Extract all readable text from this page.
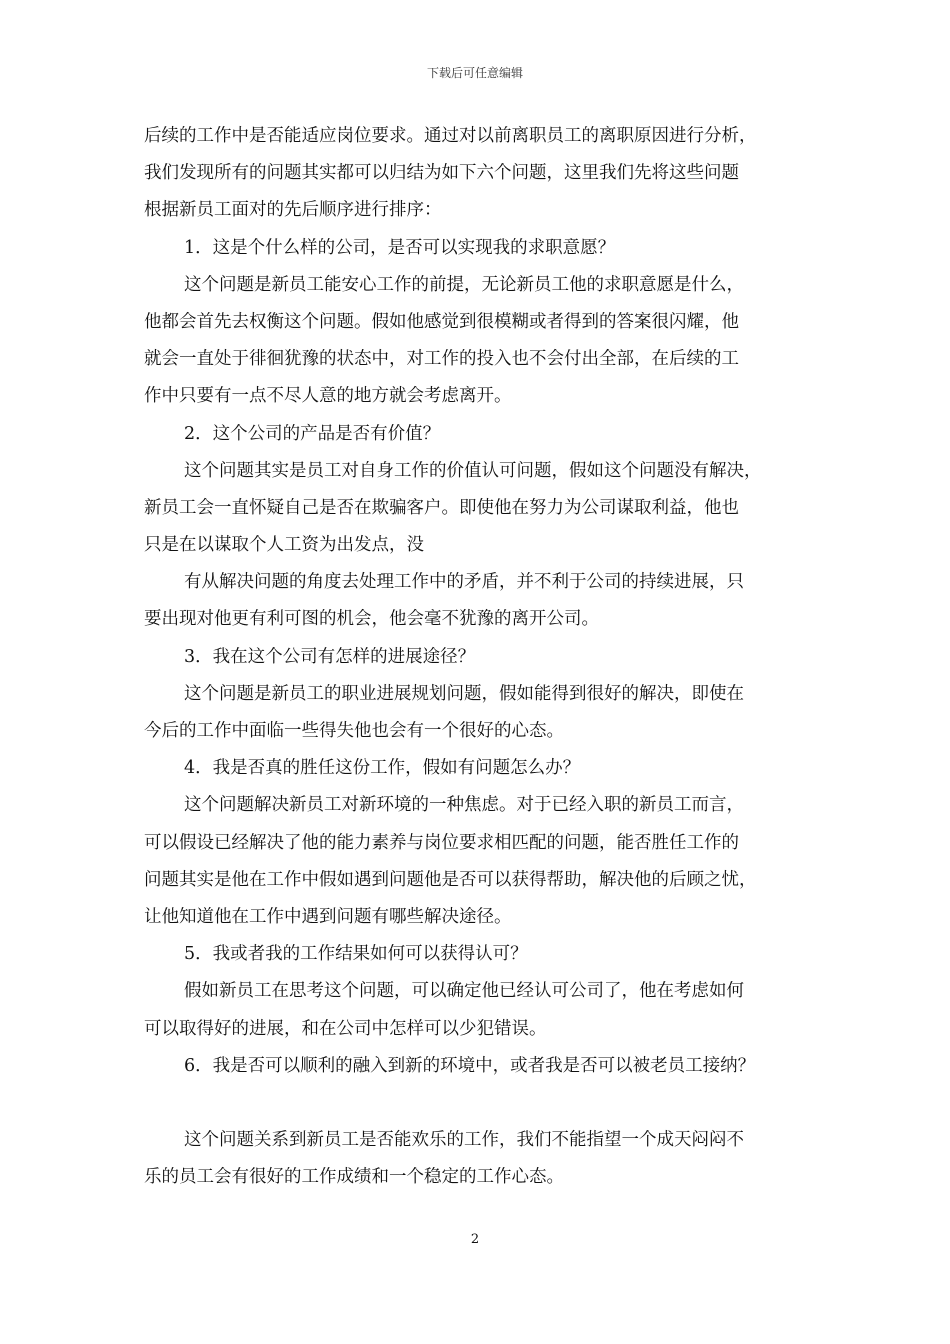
下载后可任意编辑
后续的工作中是否能适应岗位要求。通过对以前离职员工的离职原因进行分析，
我们发现所有的问题其实都可以归结为如下六个问题，这里我们先将这些问题
根据新员工面对的先后顺序进行排序：
1．这是个什么样的公司，是否可以实现我的求职意愿？
这个问题是新员工能安心工作的前提，无论新员工他的求职意愿是什么，
他都会首先去权衡这个问题。假如他感觉到很模糊或者得到的答案很闪耀，他
就会一直处于徘徊犹豫的状态中，对工作的投入也不会付出全部，在后续的工
作中只要有一点不尽人意的地方就会考虑离开。
2．这个公司的产品是否有价值？
这个问题其实是员工对自身工作的价值认可问题，假如这个问题没有解决，
新员工会一直怀疑自己是否在欺骗客户。即使他在努力为公司谋取利益，他也
只是在以谋取个人工资为出发点，没
有从解决问题的角度去处理工作中的矛盾，并不利于公司的持续进展，只
要出现对他更有利可图的机会，他会毫不犹豫的离开公司。
3．我在这个公司有怎样的进展途径？
这个问题是新员工的职业进展规划问题，假如能得到很好的解决，即使在
今后的工作中面临一些得失他也会有一个很好的心态。
4．我是否真的胜任这份工作，假如有问题怎么办？
这个问题解决新员工对新环境的一种焦虑。对于已经入职的新员工而言，
可以假设已经解决了他的能力素养与岗位要求相匹配的问题，能否胜任工作的
问题其实是他在工作中假如遇到问题他是否可以获得帮助，解决他的后顾之忧，
让他知道他在工作中遇到问题有哪些解决途径。
5．我或者我的工作结果如何可以获得认可？
假如新员工在思考这个问题，可以确定他已经认可公司了，他在考虑如何
可以取得好的进展，和在公司中怎样可以少犯错误。
6．我是否可以顺利的融入到新的环境中，或者我是否可以被老员工接纳？
这个问题关系到新员工是否能欢乐的工作，我们不能指望一个成天闷闷不
乐的员工会有很好的工作成绩和一个稳定的工作心态。
2
